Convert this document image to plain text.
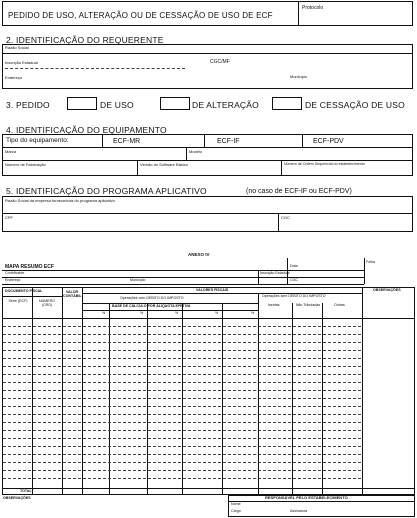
PEDIDO DE USO, ALTERAÇÃO OU DE CESSAÇÃO DE USO DE ECF
Protocolo
2. IDENTIFICAÇÃO DO REQUERENTE
Razão Social
Inscrição Estadual	CGC/MF
Endereço	Município
3. PEDIDO	DE USO	DE ALTERAÇÃO	DE CESSAÇÃO DE USO
4. IDENTIFICAÇÃO DO EQUIPAMENTO
Tipo do equipamento:	ECF-MR	ECF-IF	ECF-PDV
Marca	Modelo
Número de Fabricação	Versão do Software Básico	Número de Ordem Sequencial no estabelecimento
5. IDENTIFICAÇÃO DO PROGRAMA APLICATIVO	(no caso de ECF-IF ou ECF-PDV)
Razão Social da empresa fornecedora do programa aplicativo
CPF	CGC
ANEXO IV
MAPA RESUMO ECF
Contribuinte
Endereço	Município
Inscrição Estadual
Data
CGC
Folha
DOCUMENTO FISCAL
Série (ECF)	NÚMERO (CRO)
VALOR CONTÁBIL
VALORES FISCAIS
Operações com DÉBITO DO IMPOSTO
BASE DE CÁLCULO POR ALÍQUOTA EFETIVA
Operações sem DÉBITO DO IMPOSTO
Isentas	Não Tributadas	Outras
OBSERVAÇÕES
%	%	%	%	%
TOTAL
OBSERVAÇÕES	RESPONSÁVEL PELO ESTABELECIMENTO
Nome
Cargo	Assinatura
